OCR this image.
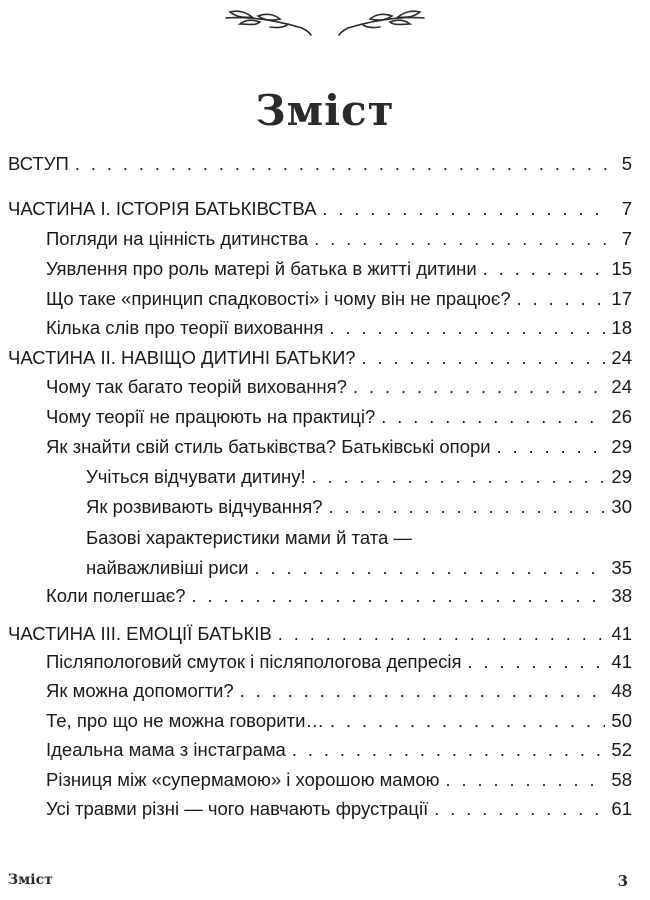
Зміст
ВСТУП . . .	5
ЧАСТИНА І. ІСТОРІЯ БАТЬКІВСТВА . . .	7
Погляди на цінність дитинства . . .	7
Уявлення про роль матері й батька в житті дитини . . .	15
Що таке «принцип спадковості» і чому він не працює? . . .	17
Кілька слів про теорії виховання . . .	18
ЧАСТИНА ІІ. НАВІЩО ДИТИНІ БАТЬКИ? . . .	24
Чому так багато теорій виховання? . . .	24
Чому теорії не працюють на практиці? . . .	26
Як знайти свій стиль батьківства? Батьківські опори . . .	29
Учіться відчувати дитину! . . .	29
Як розвивають відчування? . . .	30
Базові характеристики мами й тата —
найважливіші риси . . .	35
Коли полегшає? . . .	38
ЧАСТИНА ІІІ. ЕМОЦІЇ БАТЬКІВ . . .	41
Післяпологовий смуток і післяпологова депресія . . .	41
Як можна допомогти? . . .	48
Те, про що не можна говорити… . . .	50
Ідеальна мама з інстаграма . . .	52
Різниця між «супермамою» і хорошою мамою . . .	58
Усі травми різні — чого навчають фрустрації . . .	61
Зміст	3
